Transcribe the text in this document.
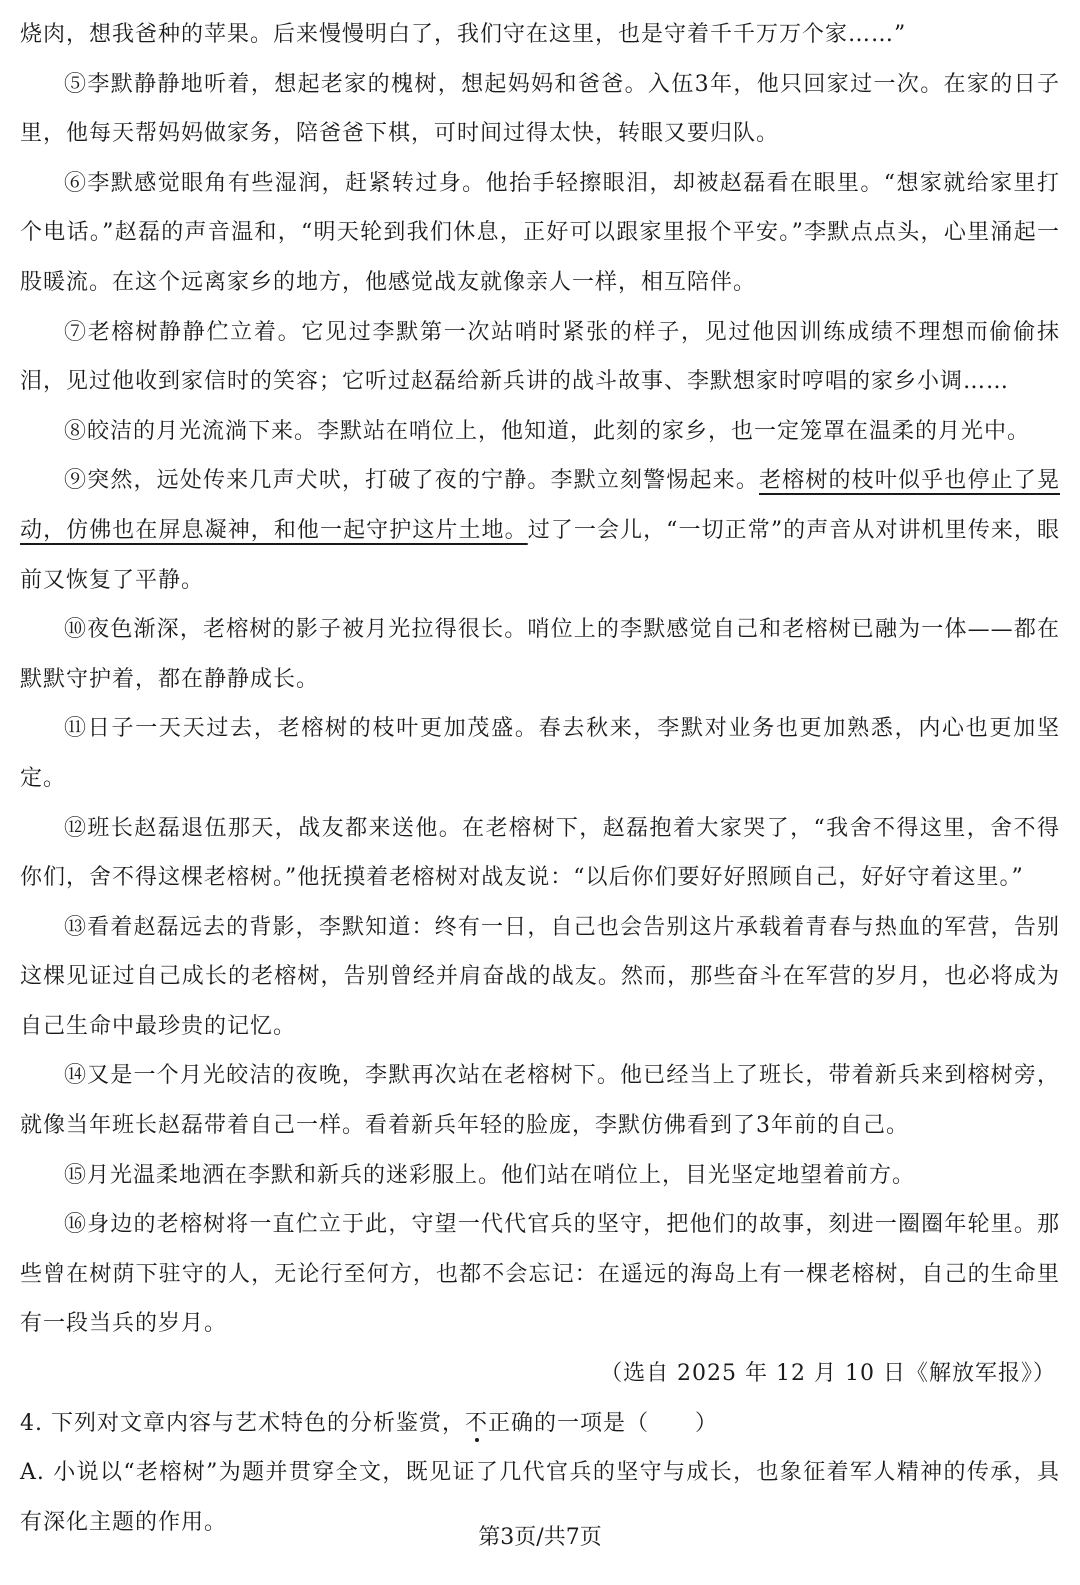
烧肉，想我爸种的苹果。后来慢慢明白了，我们守在这里，也是守着千千万万个家……”

⑤李默静静地听着，想起老家的槐树，想起妈妈和爸爸。入伍3年，他只回家过一次。在家的日子里，他每天帮妈妈做家务，陪爸爸下棋，可时间过得太快，转眼又要归队。

⑥李默感觉眼角有些湿润，赶紧转过身。他抬手轻擦眼泪，却被赵磊看在眼里。“想家就给家里打个电话。”赵磊的声音温和，“明天轮到我们休息，正好可以跟家里报个平安。”李默点点头，心里涌起一股暖流。在这个远离家乡的地方，他感觉战友就像亲人一样，相互陪伴。

⑦老榕树静静伫立着。它见过李默第一次站哨时紧张的样子，见过他因训练成绩不理想而偷偷抹泪，见过他收到家信时的笑容；它听过赵磊给新兵讲的战斗故事、李默想家时哼唱的家乡小调……

⑧皎洁的月光流淌下来。李默站在哨位上，他知道，此刻的家乡，也一定笼罩在温柔的月光中。

⑨突然，远处传来几声犬吠，打破了夜的宁静。李默立刻警惕起来。老榕树的枝叶似乎也停止了晃动，仿佛也在屏息凝神，和他一起守护这片土地。过了一会儿，“一切正常”的声音从对讲机里传来，眼前又恢复了平静。

⑩夜色渐深，老榕树的影子被月光拉得很长。哨位上的李默感觉自己和老榕树已融为一体——都在默默守护着，都在静静成长。

⑪日子一天天过去，老榕树的枝叶更加茂盛。春去秋来，李默对业务也更加熟悉，内心也更加坚定。

⑫班长赵磊退伍那天，战友都来送他。在老榕树下，赵磊抱着大家哭了，“我舍不得这里，舍不得你们，舍不得这棵老榕树。”他抚摸着老榕树对战友说：“以后你们要好好照顾自己，好好守着这里。”

⑬看着赵磊远去的背影，李默知道：终有一日，自己也会告别这片承载着青春与热血的军营，告别这棵见证过自己成长的老榕树，告别曾经并肩奋战的战友。然而，那些奋斗在军营的岁月，也必将成为自己生命中最珍贵的记忆。

⑭又是一个月光皎洁的夜晚，李默再次站在老榕树下。他已经当上了班长，带着新兵来到榕树旁，就像当年班长赵磊带着自己一样。看着新兵年轻的脸庞，李默仿佛看到了3年前的自己。

⑮月光温柔地洒在李默和新兵的迷彩服上。他们站在哨位上，目光坚定地望着前方。

⑯身边的老榕树将一直伫立于此，守望一代代官兵的坚守，把他们的故事，刻进一圈圈年轮里。那些曾在树荫下驻守的人，无论行至何方，也都不会忘记：在遥远的海岛上有一棵老榕树，自己的生命里有一段当兵的岁月。

（选自 2025 年 12 月 10 日《解放军报》）

4. 下列对文章内容与艺术特色的分析鉴赏，不正确的一项是（　　）

A. 小说以“老榕树”为题并贯穿全文，既见证了几代官兵的坚守与成长，也象征着军人精神的传承，具有深化主题的作用。

第3页/共7页
